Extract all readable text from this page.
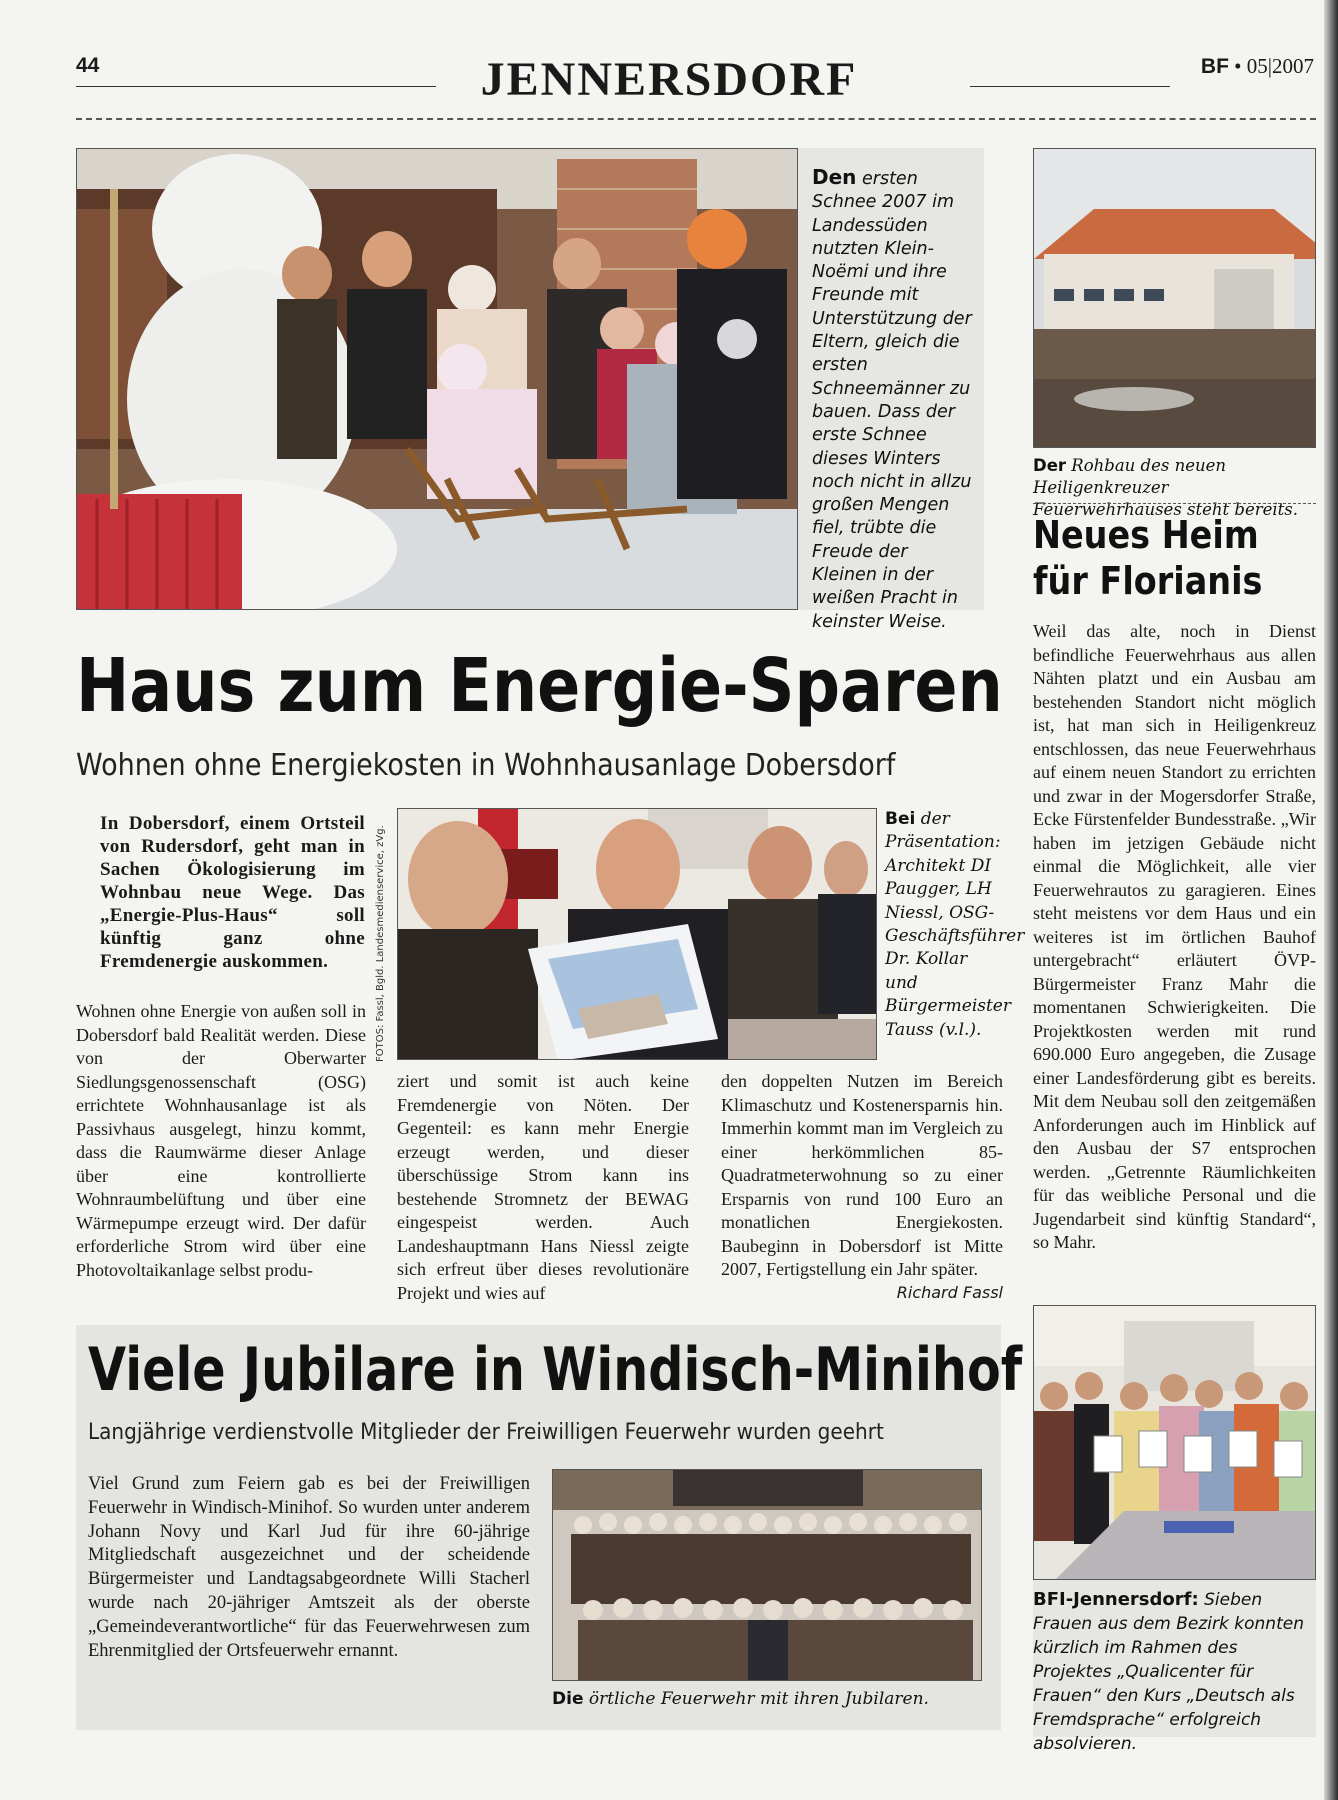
44	JENNERSDORF	BF • 05|2007
Den ersten Schnee 2007 im Landessüden nutzten Klein-Noëmi und ihre Freunde mit Unterstützung der Eltern, gleich die ersten Schneemänner zu bauen. Dass der erste Schnee dieses Winters noch nicht in allzu großen Mengen fiel, trübte die Freude der Kleinen in der weißen Pracht in keinster Weise.
Der Rohbau des neuen Heiligenkreuzer Feuerwehrhauses steht bereits.
Neues Heim
für Florianis
Weil das alte, noch in Dienst befindliche Feuerwehrhaus aus allen Nähten platzt und ein Ausbau am bestehenden Standort nicht möglich ist, hat man sich in Heiligenkreuz entschlossen, das neue Feuerwehrhaus auf einem neuen Standort zu errichten und zwar in der Mogersdorfer Straße, Ecke Fürstenfelder Bundesstraße. „Wir haben im jetzigen Gebäude nicht einmal die Möglichkeit, alle vier Feuerwehrautos zu garagieren. Eines steht meistens vor dem Haus und ein weiteres ist im örtlichen Bauhof untergebracht“ erläutert ÖVP-Bürgermeister Franz Mahr die momentanen Schwierigkeiten. Die Projektkosten werden mit rund 690.000 Euro angegeben, die Zusage einer Landesförderung gibt es bereits. Mit dem Neubau soll den zeitgemäßen Anforderungen auch im Hinblick auf den Ausbau der S7 entsprochen werden. „Getrennte Räumlichkeiten für das weibliche Personal und die Jugendarbeit sind künftig Standard“, so Mahr.
Haus zum Energie-Sparen
Wohnen ohne Energiekosten in Wohnhausanlage Dobersdorf
In Dobersdorf, einem Ortsteil von Rudersdorf, geht man in Sachen Ökologisierung im Wohnbau neue Wege. Das „Energie-Plus-Haus“ soll künftig ganz ohne Fremdenergie auskommen.	FOTOS: Fassl, Bgld. Landesmedienservice, zVg.
Bei der Präsentation: Architekt DI Paugger, LH Niessl, OSG-Geschäftsführer Dr. Kollar und Bürgermeister Tauss (v.l.).
Wohnen ohne Energie von außen soll in Dobersdorf bald Realität werden. Diese von der Oberwarter Siedlungsgenossenschaft (OSG) errichtete Wohnhausanlage ist als Passivhaus ausgelegt, hinzu kommt, dass die Raumwärme dieser Anlage über eine kontrollierte Wohnraumbelüftung und über eine Wärmepumpe erzeugt wird. Der dafür erforderliche Strom wird über eine Photovoltaikanlage selbst produ-
ziert und somit ist auch keine Fremdenergie von Nöten. Der Gegenteil: es kann mehr Energie erzeugt werden, und dieser überschüssige Strom kann ins bestehende Stromnetz der BEWAG eingespeist werden. Auch Landeshauptmann Hans Niessl zeigte sich erfreut über dieses revolutionäre Projekt und wies auf
den doppelten Nutzen im Bereich Klimaschutz und Kostenersparnis hin. Immerhin kommt man im Vergleich zu einer herkömmlichen 85-Quadratmeterwohnung so zu einer Ersparnis von rund 100 Euro an monatlichen Energiekosten. Baubeginn in Dobersdorf ist Mitte 2007, Fertigstellung ein Jahr später.
Richard Fassl
Viele Jubilare in Windisch-Minihof
Langjährige verdienstvolle Mitglieder der Freiwilligen Feuerwehr wurden geehrt
Viel Grund zum Feiern gab es bei der Freiwilligen Feuerwehr in Windisch-Minihof. So wurden unter anderem Johann Novy und Karl Jud für ihre 60-jährige Mitgliedschaft ausgezeichnet und der scheidende Bürgermeister und Landtagsabgeordnete Willi Stacherl wurde nach 20-jähriger Amtszeit als der oberste „Gemeindeverantwortliche“ für das Feuerwehrwesen zum Ehrenmitglied der Ortsfeuerwehr ernannt.
Die örtliche Feuerwehr mit ihren Jubilaren.
BFI-Jennersdorf: Sieben Frauen aus dem Bezirk konnten kürzlich im Rahmen des Projektes „Qualicenter für Frauen“ den Kurs „Deutsch als Fremdsprache“ erfolgreich absolvieren.
